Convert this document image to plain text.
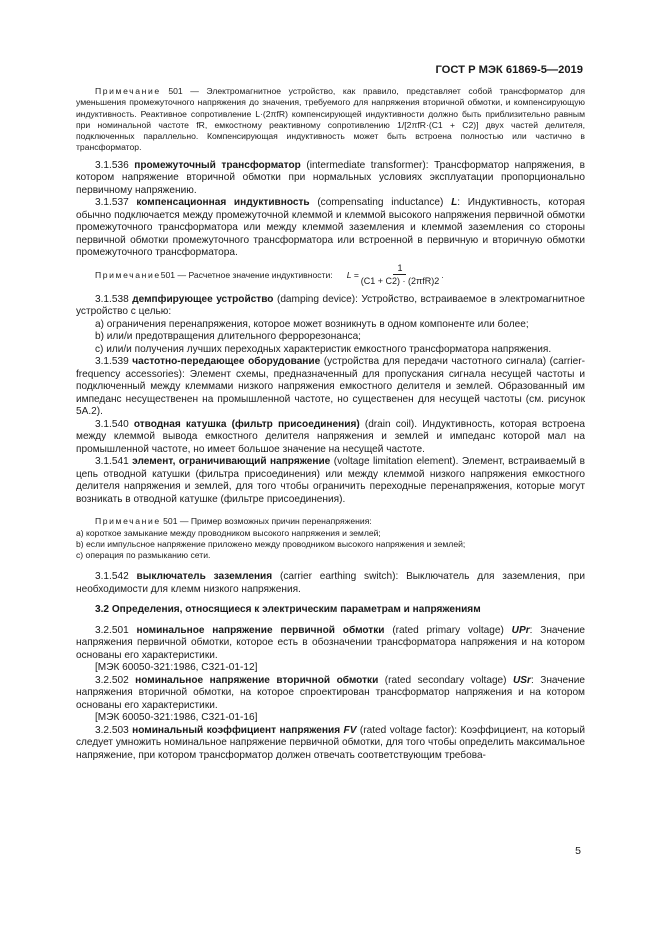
ГОСТ Р МЭК 61869-5—2019

Примечание 501 — Электромагнитное устройство, как правило, представляет собой трансформатор для уменьшения промежуточного напряжения до значения, требуемого для напряжения вторичной обмотки, и компенсирующую индуктивность. Реактивное сопротивление L·(2πfR) компенсирующей индуктивности должно быть приблизительно равным при номинальной частоте fR, емкостному реактивному сопротивлению 1/[2πfR·(C1 + C2)] двух частей делителя, подключенных параллельно. Компенсирующая индуктивность может быть встроена полностью или частично в трансформатор.

3.1.536 промежуточный трансформатор (intermediate transformer): Трансформатор напряжения, в котором напряжение вторичной обмотки при нормальных условиях эксплуатации пропорционально первичному напряжению.

3.1.537 компенсационная индуктивность (compensating inductance) L: Индуктивность, которая обычно подключается между промежуточной клеммой и клеммой высокого напряжения первичной обмотки промежуточного трансформатора или между клеммой заземления и клеммой заземления со стороны первичной обмотки промежуточного трансформатора или встроенной в первичную и вторичную обмотки промежуточного трансформатора.

Примечание 501 — Расчетное значение индуктивности: $L = \frac{1}{\text{(C1 + C2) · (2πfR)2}}$ .

3.1.538 демпфирующее устройство (damping device): Устройство, встраиваемое в электромагнитное устройство с целью:

a) ограничения перенапряжения, которое может возникнуть в одном компоненте или более;

b) или/и предотвращения длительного феррорезонанса;

c) или/и получения лучших переходных характеристик емкостного трансформатора напряжения.

3.1.539 частотно-передающее оборудование (устройства для передачи частотного сигнала) (carrier-frequency accessories): Элемент схемы, предназначенный для пропускания сигнала несущей частоты и подключенный между клеммами низкого напряжения емкостного делителя и землей. Образованный им импеданс несущественен на промышленной частоте, но существенен для несущей частоты (см. рисунок 5А.2).

3.1.540 отводная катушка (фильтр присоединения) (drain coil). Индуктивность, которая встроена между клеммой вывода емкостного делителя напряжения и землей и импеданс которой мал на промышленной частоте, но имеет большое значение на несущей частоте.

3.1.541 элемент, ограничивающий напряжение (voltage limitation element). Элемент, встраиваемый в цепь отводной катушки (фильтра присоединения) или между клеммой низкого напряжения емкостного делителя напряжения и землей, для того чтобы ограничить переходные перенапряжения, которые могут возникать в отводной катушке (фильтре присоединения).

Примечание 501 — Пример возможных причин перенапряжения:

a) короткое замыкание между проводником высокого напряжения и землей;

b) если импульсное напряжение приложено между проводником высокого напряжения и землей;

c) операция по размыканию сети.

3.1.542 выключатель заземления (carrier earthing switch): Выключатель для заземления, при необходимости для клемм низкого напряжения.

3.2 Определения, относящиеся к электрическим параметрам и напряжениям

3.2.501 номинальное напряжение первичной обмотки (rated primary voltage) UPr: Значение напряжения первичной обмотки, которое есть в обозначении трансформатора напряжения и на котором основаны его характеристики.

[МЭК 60050-321:1986, С321-01-12]

3.2.502 номинальное напряжение вторичной обмотки (rated secondary voltage) USr: Значение напряжения вторичной обмотки, на которое спроектирован трансформатор напряжения и на котором основаны его характеристики.

[МЭК 60050-321:1986, С321-01-16]

3.2.503 номинальный коэффициент напряжения FV (rated voltage factor): Коэффициент, на который следует умножить номинальное напряжение первичной обмотки, для того чтобы определить максимальное напряжение, при котором трансформатор должен отвечать соответствующим требова-

5
